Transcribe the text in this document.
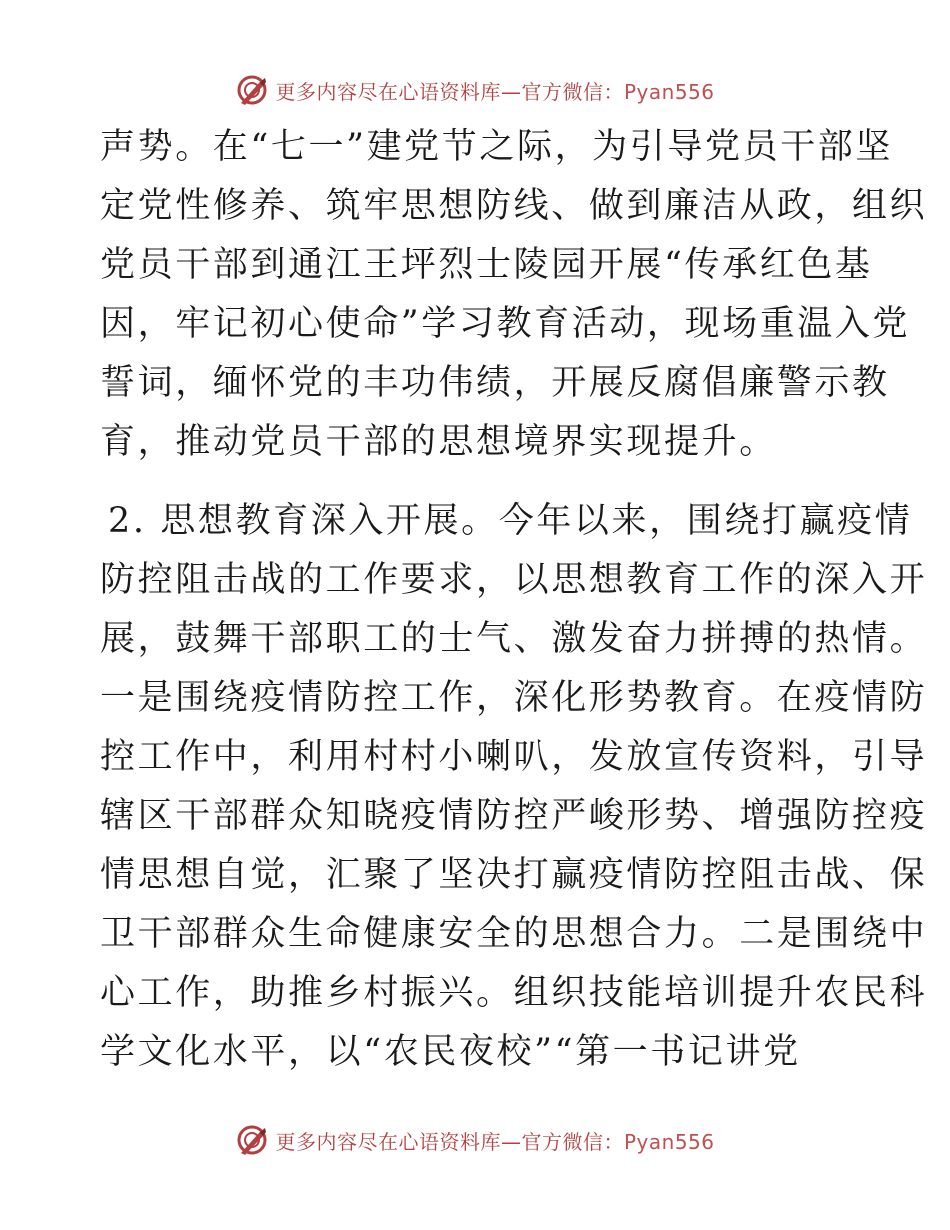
更多内容尽在心语资料库—官方微信：Pyan556
声势。在“七一”建党节之际，为引导党员干部坚
定党性修养、筑牢思想防线、做到廉洁从政，组织
党员干部到通江王坪烈士陵园开展“传承红色基
因，牢记初心使命”学习教育活动，现场重温入党
誓词，缅怀党的丰功伟绩，开展反腐倡廉警示教
育，推动党员干部的思想境界实现提升。
2. 思想教育深入开展。今年以来，围绕打赢疫情
防控阻击战的工作要求，以思想教育工作的深入开
展，鼓舞干部职工的士气、激发奋力拼搏的热情。
一是围绕疫情防控工作，深化形势教育。在疫情防
控工作中，利用村村小喇叭，发放宣传资料，引导
辖区干部群众知晓疫情防控严峻形势、增强防控疫
情思想自觉，汇聚了坚决打赢疫情防控阻击战、保
卫干部群众生命健康安全的思想合力。二是围绕中
心工作，助推乡村振兴。组织技能培训提升农民科
学文化水平，以“农民夜校”“第一书记讲党
更多内容尽在心语资料库—官方微信：Pyan556
